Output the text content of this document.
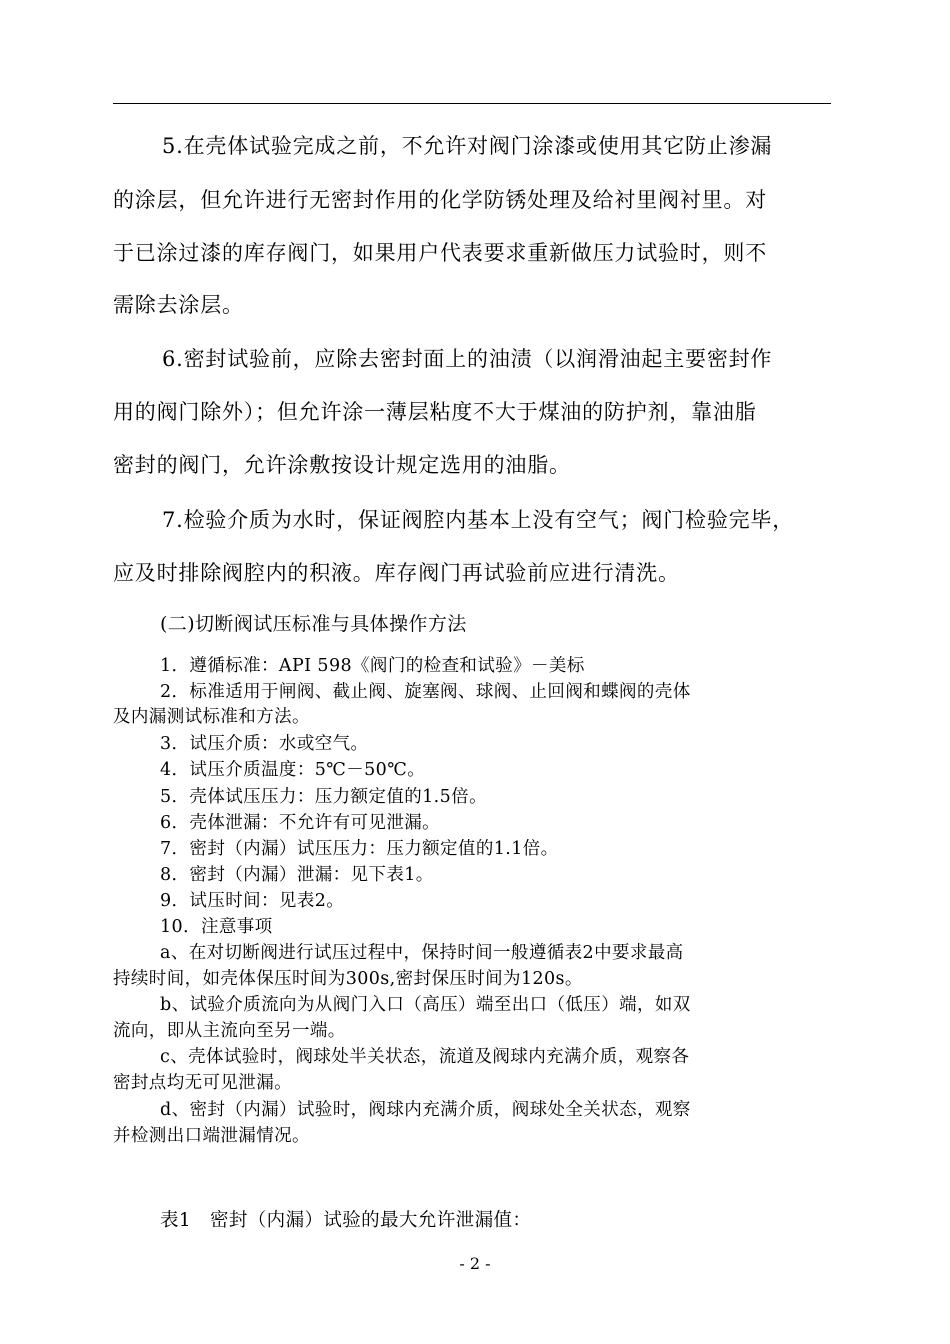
5.在壳体试验完成之前，不允许对阀门涂漆或使用其它防止渗漏

的涂层，但允许进行无密封作用的化学防锈处理及给衬里阀衬里。对

于已涂过漆的库存阀门，如果用户代表要求重新做压力试验时，则不

需除去涂层。

6.密封试验前，应除去密封面上的油渍（以润滑油起主要密封作

用的阀门除外）；但允许涂一薄层粘度不大于煤油的防护剂，靠油脂

密封的阀门，允许涂敷按设计规定选用的油脂。

7.检验介质为水时，保证阀腔内基本上没有空气；阀门检验完毕，

应及时排除阀腔内的积液。库存阀门再试验前应进行清洗。

(二)切断阀试压标准与具体操作方法

1．遵循标准：API 598《阀门的检查和试验》－美标

2．标准适用于闸阀、截止阀、旋塞阀、球阀、止回阀和蝶阀的壳体

及内漏测试标准和方法。

3．试压介质：水或空气。

4．试压介质温度：5℃－50℃。

5．壳体试压压力：压力额定值的1.5倍。

6．壳体泄漏：不允许有可见泄漏。

7．密封（内漏）试压压力：压力额定值的1.1倍。

8．密封（内漏）泄漏：见下表1。

9．试压时间：见表2。

10．注意事项

a、在对切断阀进行试压过程中，保持时间一般遵循表2中要求最高

持续时间，如壳体保压时间为300s,密封保压时间为120s。

b、试验介质流向为从阀门入口（高压）端至出口（低压）端，如双

流向，即从主流向至另一端。

c、壳体试验时，阀球处半关状态，流道及阀球内充满介质，观察各

密封点均无可见泄漏。

d、密封（内漏）试验时，阀球内充满介质，阀球处全关状态，观察

并检测出口端泄漏情况。

表1　密封（内漏）试验的最大允许泄漏值：

- 2 -
